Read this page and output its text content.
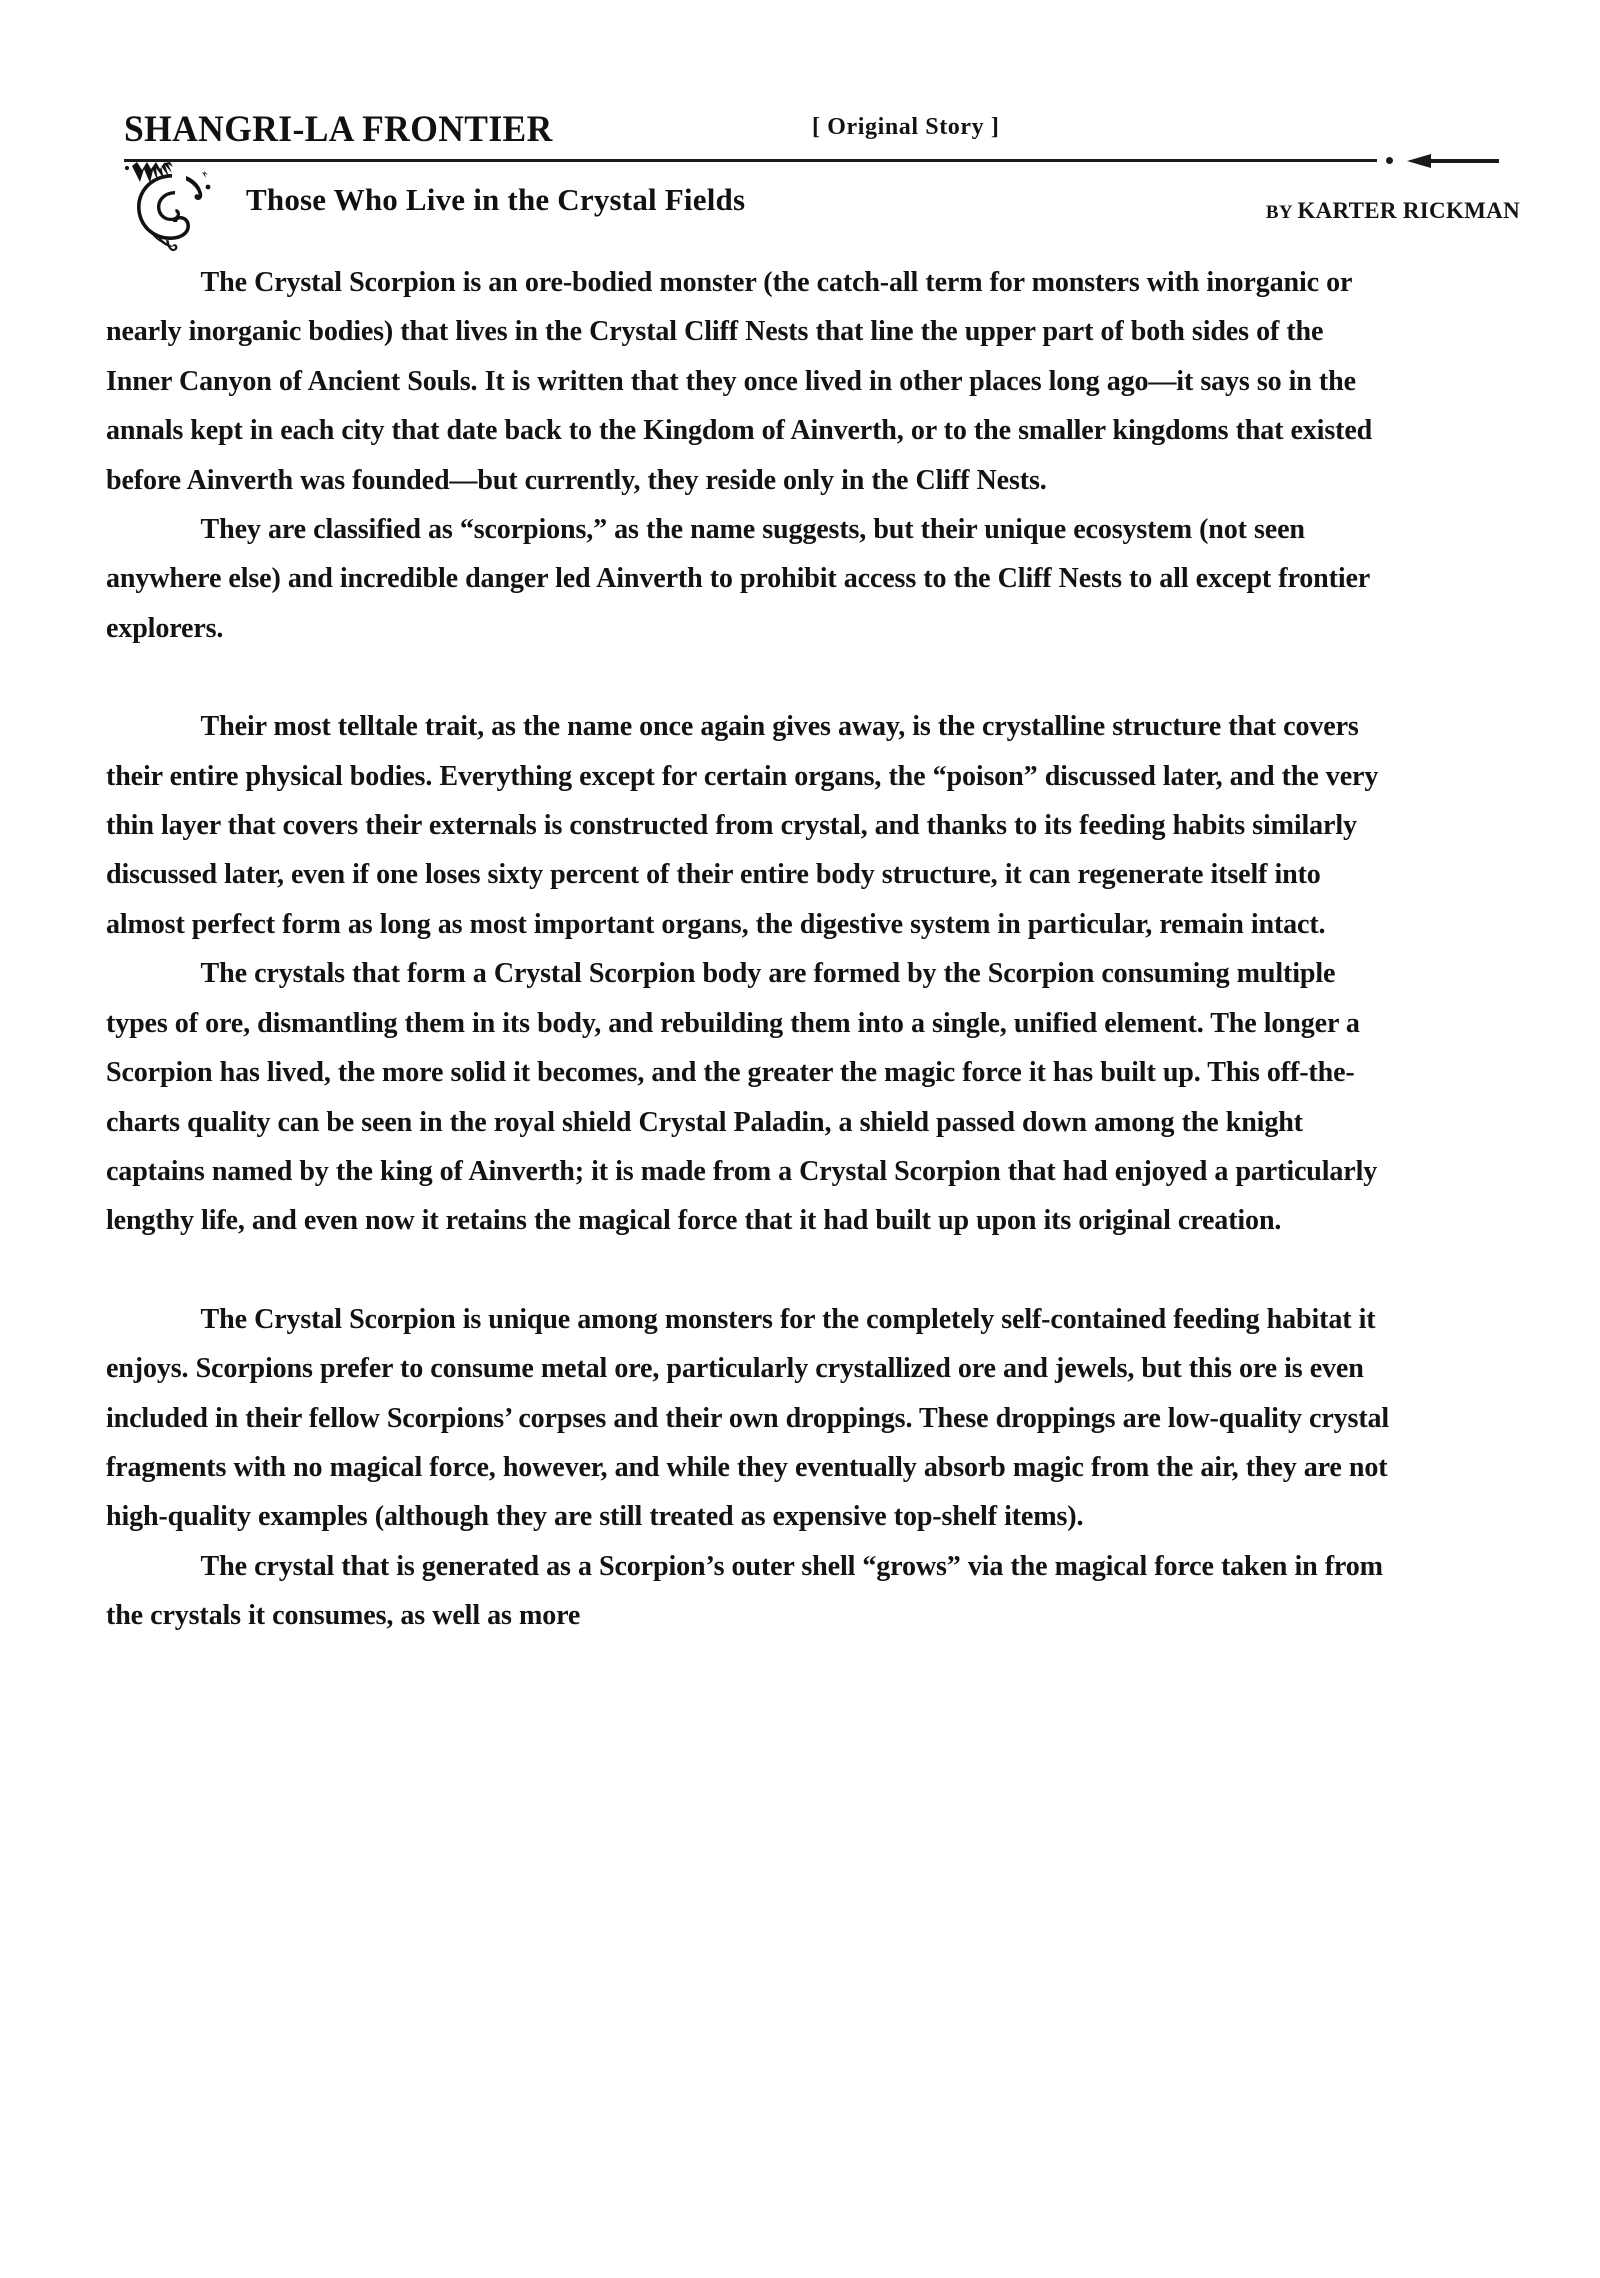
SHANGRI-LA FRONTIER	[ Original Story ]
Those Who Live in the Crystal Fields	BY KARTER RICKMAN

The Crystal Scorpion is an ore-bodied monster (the catch-all term for monsters with inorganic or nearly inorganic bodies) that lives in the Crystal Cliff Nests that line the upper part of both sides of the Inner Canyon of Ancient Souls. It is written that they once lived in other places long ago—it says so in the annals kept in each city that date back to the Kingdom of Ainverth, or to the smaller kingdoms that existed before Ainverth was founded—but currently, they reside only in the Cliff Nests.

They are classified as “scorpions,” as the name suggests, but their unique ecosystem (not seen anywhere else) and incredible danger led Ainverth to prohibit access to the Cliff Nests to all except frontier explorers.

Their most telltale trait, as the name once again gives away, is the crystalline structure that covers their entire physical bodies. Everything except for certain organs, the “poison” discussed later, and the very thin layer that covers their externals is constructed from crystal, and thanks to its feeding habits similarly discussed later, even if one loses sixty percent of their entire body structure, it can regenerate itself into almost perfect form as long as most important organs, the digestive system in particular, remain intact.

The crystals that form a Crystal Scorpion body are formed by the Scorpion consuming multiple types of ore, dismantling them in its body, and rebuilding them into a single, unified element. The longer a Scorpion has lived, the more solid it becomes, and the greater the magic force it has built up. This off-the-charts quality can be seen in the royal shield Crystal Paladin, a shield passed down among the knight captains named by the king of Ainverth; it is made from a Crystal Scorpion that had enjoyed a particularly lengthy life, and even now it retains the magical force that it had built up upon its original creation.

The Crystal Scorpion is unique among monsters for the completely self-contained feeding habitat it enjoys. Scorpions prefer to consume metal ore, particularly crystallized ore and jewels, but this ore is even included in their fellow Scorpions’ corpses and their own droppings. These droppings are low-quality crystal fragments with no magical force, however, and while they eventually absorb magic from the air, they are not high-quality examples (although they are still treated as expensive top-shelf items).

The crystal that is generated as a Scorpion’s outer shell “grows” via the magical force taken in from the crystals it consumes, as well as more
